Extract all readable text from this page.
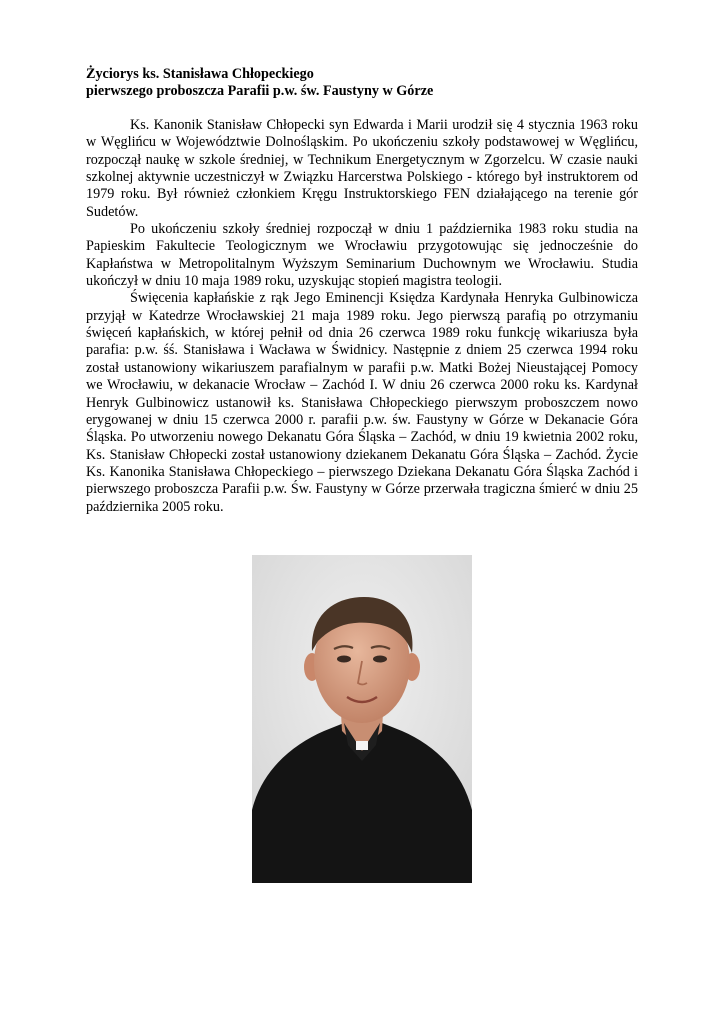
Życiorys ks. Stanisława Chłopeckiego

pierwszego proboszcza Parafii p.w. św. Faustyny w Górze

Ks. Kanonik Stanisław Chłopecki syn Edwarda i Marii urodził się 4 stycznia 1963 roku w Węglińcu w Województwie Dolnośląskim. Po ukończeniu szkoły podstawowej w Węglińcu, rozpoczął naukę w szkole średniej, w Technikum Energetycznym w Zgorzelcu. W czasie nauki szkolnej aktywnie uczestniczył w Związku Harcerstwa Polskiego - którego był instruktorem od 1979 roku. Był również członkiem Kręgu Instruktorskiego FEN działającego na terenie gór Sudetów.

Po ukończeniu szkoły średniej rozpoczął w dniu 1 października 1983 roku studia na Papieskim Fakultecie Teologicznym we Wrocławiu przygotowując się jednocześnie do Kapłaństwa w Metropolitalnym Wyższym Seminarium Duchownym we Wrocławiu. Studia ukończył w dniu 10 maja 1989 roku, uzyskując stopień magistra teologii.

Święcenia kapłańskie z rąk Jego Eminencji Księdza Kardynała Henryka Gulbinowicza przyjął w Katedrze Wrocławskiej 21 maja 1989 roku. Jego pierwszą parafią po otrzymaniu święceń kapłańskich, w której pełnił od dnia 26 czerwca 1989 roku funkcję wikariusza była parafia: p.w. śś. Stanisława i Wacława w Świdnicy. Następnie z dniem 25 czerwca 1994 roku został ustanowiony wikariuszem parafialnym w parafii p.w. Matki Bożej Nieustającej Pomocy we Wrocławiu, w dekanacie Wrocław – Zachód I. W dniu 26 czerwca 2000 roku ks. Kardynał Henryk Gulbinowicz ustanowił ks. Stanisława Chłopeckiego pierwszym proboszczem nowo erygowanej w dniu 15 czerwca 2000 r. parafii p.w. św. Faustyny w Górze w Dekanacie Góra Śląska. Po utworzeniu nowego Dekanatu Góra Śląska – Zachód, w dniu 19 kwietnia 2002 roku, Ks. Stanisław Chłopecki został ustanowiony dziekanem Dekanatu Góra Śląska – Zachód. Życie Ks. Kanonika Stanisława Chłopeckiego – pierwszego Dziekana Dekanatu Góra Śląska Zachód i pierwszego proboszcza Parafii p.w. Św. Faustyny w Górze przerwała tragiczna śmierć w dniu 25 października 2005 roku.
